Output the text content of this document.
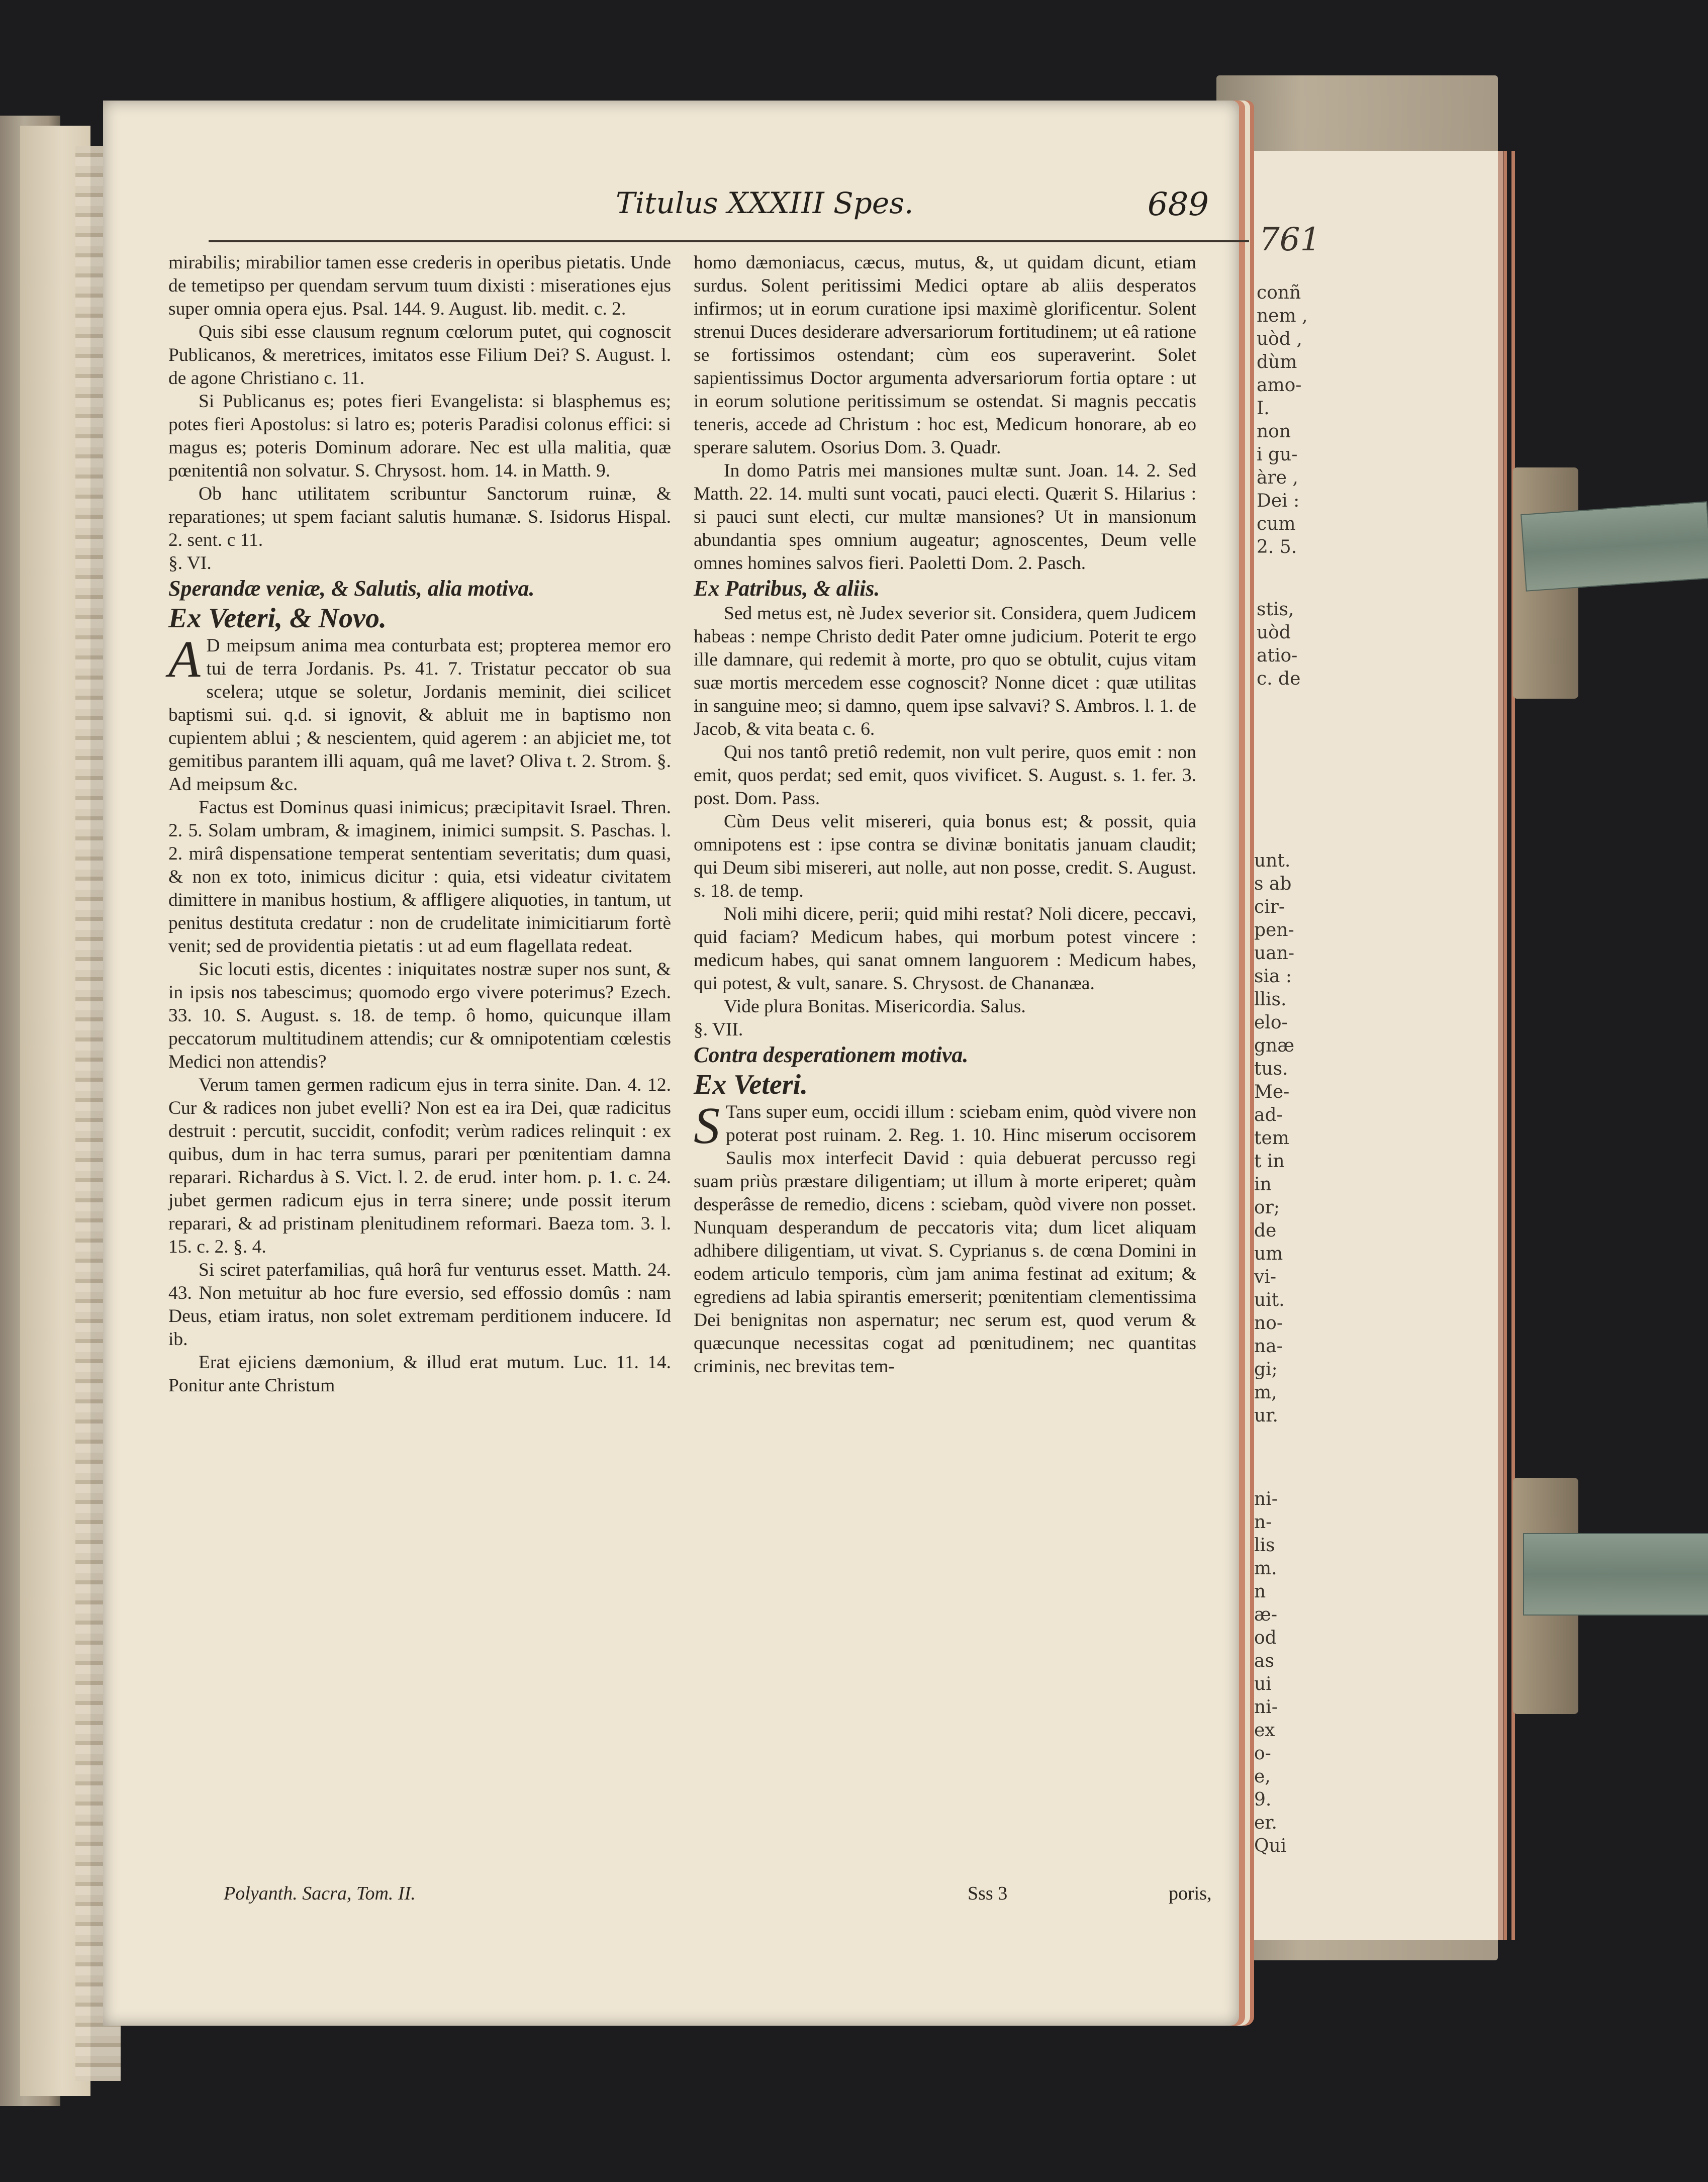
761
conñ
nem ,
uòd ,
dùm
amo-
I.
non
i gu-
àre ,
Dei :
cum
2. 5.
stis,
uòd
atio-
c. de
unt.
s ab
cir-
pen-
uan-
sia :
llis.
elo-
gnæ
tus.
Me-
ad-
tem
t in
in
or;
de
um
vi-
uit.
no-
na-
gi;
m,
ur.
ni-
n-
lis
m.
n
æ-
od
as
ui
ni-
ex
o-
e,
9.
er.
Qui
Titulus XXXIII Spes.	689

mirabilis; mirabilior tamen esse crederis in operibus pietatis. Unde de temetipso per quendam servum tuum dixisti : miserationes ejus super omnia opera ejus. Psal. 144. 9. August. lib. medit. c. 2.

Quis sibi esse clausum regnum cœlorum putet, qui cognoscit Publicanos, & meretrices, imitatos esse Filium Dei? S. August. l. de agone Christiano c. 11.

Si Publicanus es; potes fieri Evangelista: si blasphemus es; potes fieri Apostolus: si latro es; poteris Paradisi colonus effici: si magus es; poteris Dominum adorare. Nec est ulla malitia, quæ pœnitentiâ non solvatur. S. Chrysost. hom. 14. in Matth. 9.

Ob hanc utilitatem scribuntur Sanctorum ruinæ, & reparationes; ut spem faciant salutis humanæ. S. Isidorus Hispal. 2. sent. c 11.

§. VI.

Sperandæ veniæ, & Salutis, alia motiva.

Ex Veteri, & Novo.

A D meipsum anima mea conturbata est; propterea memor ero tui de terra Jordanis. Ps. 41. 7. Tristatur peccator ob sua scelera; utque se soletur, Jordanis meminit, diei scilicet baptismi sui. q.d. si ignovit, & abluit me in baptismo non cupientem ablui ; & nescientem, quid agerem : an abjiciet me, tot gemitibus parantem illi aquam, quâ me lavet? Oliva t. 2. Strom. §. Ad meipsum &c.

Factus est Dominus quasi inimicus; præcipitavit Israel. Thren. 2. 5. Solam umbram, & imaginem, inimici sumpsit. S. Paschas. l. 2. mirâ dispensatione temperat sententiam severitatis; dum quasi, & non ex toto, inimicus dicitur : quia, etsi videatur civitatem dimittere in manibus hostium, & affligere aliquoties, in tantum, ut penitus destituta credatur : non de crudelitate inimicitiarum fortè venit; sed de providentia pietatis : ut ad eum flagellata redeat.

Sic locuti estis, dicentes : iniquitates nostræ super nos sunt, & in ipsis nos tabescimus; quomodo ergo vivere poterimus? Ezech. 33. 10. S. August. s. 18. de temp. ô homo, quicunque illam peccatorum multitudinem attendis; cur & omnipotentiam cœlestis Medici non attendis?

Verum tamen germen radicum ejus in terra sinite. Dan. 4. 12. Cur & radices non jubet evelli? Non est ea ira Dei, quæ radicitus destruit : percutit, succidit, confodit; verùm radices relinquit : ex quibus, dum in hac terra sumus, parari per pœnitentiam damna reparari. Richardus à S. Vict. l. 2. de erud. inter hom. p. 1. c. 24. jubet germen radicum ejus in terra sinere; unde possit iterum reparari, & ad pristinam plenitudinem reformari. Baeza tom. 3. l. 15. c. 2. §. 4.

Si sciret paterfamilias, quâ horâ fur venturus esset. Matth. 24. 43. Non metuitur ab hoc fure eversio, sed effossio domûs : nam Deus, etiam iratus, non solet extremam perditionem inducere. Id ib.

Erat ejiciens dæmonium, & illud erat mutum. Luc. 11. 14. Ponitur ante Christum

homo dæmoniacus, cæcus, mutus, &, ut quidam dicunt, etiam surdus. Solent peritissimi Medici optare ab aliis desperatos infirmos; ut in eorum curatione ipsi maximè glorificentur. Solent strenui Duces desiderare adversariorum fortitudinem; ut eâ ratione se fortissimos ostendant; cùm eos superaverint. Solet sapientissimus Doctor argumenta adversariorum fortia optare : ut in eorum solutione peritissimum se ostendat. Si magnis peccatis teneris, accede ad Christum : hoc est, Medicum honorare, ab eo sperare salutem. Osorius Dom. 3. Quadr.

In domo Patris mei mansiones multæ sunt. Joan. 14. 2. Sed Matth. 22. 14. multi sunt vocati, pauci electi. Quærit S. Hilarius : si pauci sunt electi, cur multæ mansiones? Ut in mansionum abundantia spes omnium augeatur; agnoscentes, Deum velle omnes homines salvos fieri. Paoletti Dom. 2. Pasch.

Ex Patribus, & aliis.

Sed metus est, nè Judex severior sit. Considera, quem Judicem habeas : nempe Christo dedit Pater omne judicium. Poterit te ergo ille damnare, qui redemit à morte, pro quo se obtulit, cujus vitam suæ mortis mercedem esse cognoscit? Nonne dicet : quæ utilitas in sanguine meo; si damno, quem ipse salvavi? S. Ambros. l. 1. de Jacob, & vita beata c. 6.

Qui nos tantô pretiô redemit, non vult perire, quos emit : non emit, quos perdat; sed emit, quos vivificet. S. August. s. 1. fer. 3. post. Dom. Pass.

Cùm Deus velit misereri, quia bonus est; & possit, quia omnipotens est : ipse contra se divinæ bonitatis januam claudit; qui Deum sibi misereri, aut nolle, aut non posse, credit. S. August. s. 18. de temp.

Noli mihi dicere, perii; quid mihi restat? Noli dicere, peccavi, quid faciam? Medicum habes, qui morbum potest vincere : medicum habes, qui sanat omnem languorem : Medicum habes, qui potest, & vult, sanare. S. Chrysost. de Chananæa.

Vide plura Bonitas. Misericordia. Salus.

§. VII.

Contra desperationem motiva.

Ex Veteri.

S Tans super eum, occidi illum : sciebam enim, quòd vivere non poterat post ruinam. 2. Reg. 1. 10. Hinc miserum occisorem Saulis mox interfecit David : quia debuerat percusso regi suam priùs præstare diligentiam; ut illum à morte eriperet; quàm desperâsse de remedio, dicens : sciebam, quòd vivere non posset. Nunquam desperandum de peccatoris vita; dum licet aliquam adhibere diligentiam, ut vivat. S. Cyprianus s. de cœna Domini in eodem articulo temporis, cùm jam anima festinat ad exitum; & egrediens ad labia spirantis emerserit; pœnitentiam clementissima Dei benignitas non aspernatur; nec serum est, quod verum & quæcunque necessitas cogat ad pœnitudinem; nec quantitas criminis, nec brevitas tem-

Polyanth. Sacra, Tom. II.	Sss 3	poris,
